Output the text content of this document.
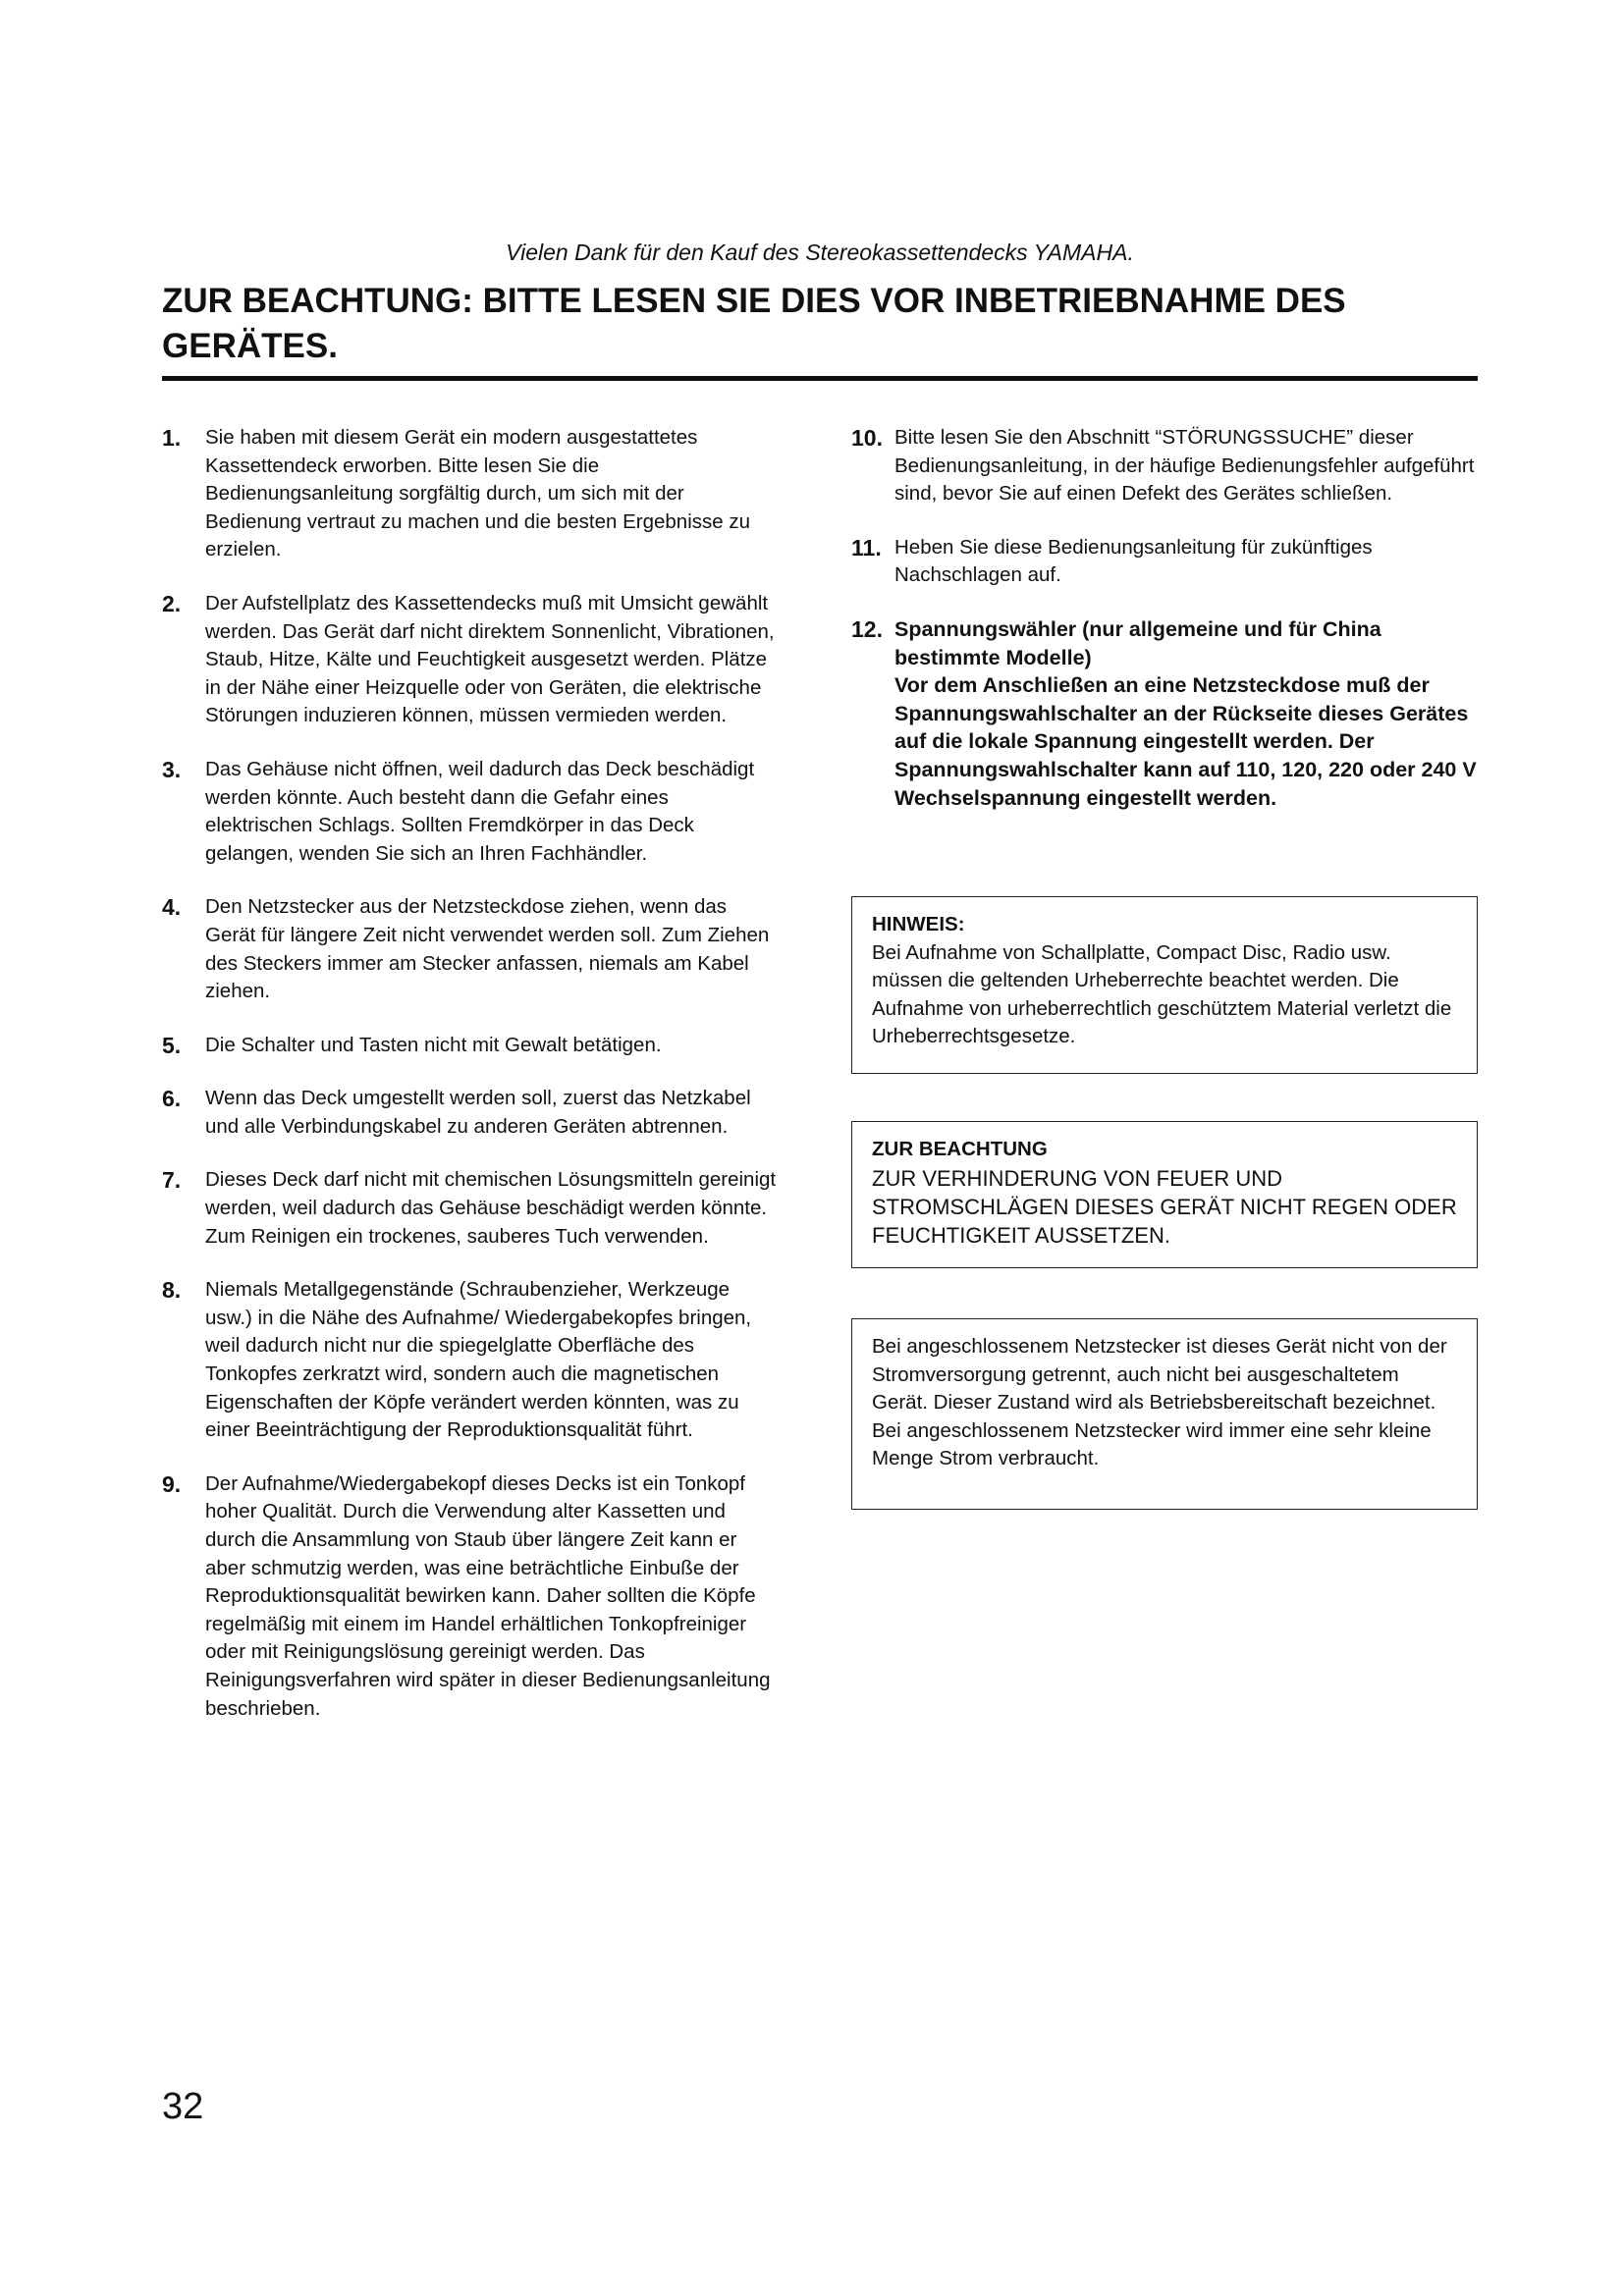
Vielen Dank für den Kauf des Stereokassettendecks YAMAHA.
ZUR BEACHTUNG: BITTE LESEN SIE DIES VOR INBETRIEBNAHME DES GERÄTES.
1. Sie haben mit diesem Gerät ein modern ausgestattetes Kassettendeck erworben. Bitte lesen Sie die Bedienungsanleitung sorgfältig durch, um sich mit der Bedienung vertraut zu machen und die besten Ergebnisse zu erzielen.
2. Der Aufstellplatz des Kassettendecks muß mit Umsicht gewählt werden. Das Gerät darf nicht direktem Sonnenlicht, Vibrationen, Staub, Hitze, Kälte und Feuchtigkeit ausgesetzt werden. Plätze in der Nähe einer Heizquelle oder von Geräten, die elektrische Störungen induzieren können, müssen vermieden werden.
3. Das Gehäuse nicht öffnen, weil dadurch das Deck beschädigt werden könnte. Auch besteht dann die Gefahr eines elektrischen Schlags. Sollten Fremdkörper in das Deck gelangen, wenden Sie sich an Ihren Fachhändler.
4. Den Netzstecker aus der Netzsteckdose ziehen, wenn das Gerät für längere Zeit nicht verwendet werden soll. Zum Ziehen des Steckers immer am Stecker anfassen, niemals am Kabel ziehen.
5. Die Schalter und Tasten nicht mit Gewalt betätigen.
6. Wenn das Deck umgestellt werden soll, zuerst das Netzkabel und alle Verbindungskabel zu anderen Geräten abtrennen.
7. Dieses Deck darf nicht mit chemischen Lösungsmitteln gereinigt werden, weil dadurch das Gehäuse beschädigt werden könnte. Zum Reinigen ein trockenes, sauberes Tuch verwenden.
8. Niemals Metallgegenstände (Schraubenzieher, Werkzeuge usw.) in die Nähe des Aufnahme/ Wiedergabekopfes bringen, weil dadurch nicht nur die spiegelglatte Oberfläche des Tonkopfes zerkratzt wird, sondern auch die magnetischen Eigenschaften der Köpfe verändert werden könnten, was zu einer Beeinträchtigung der Reproduktionsqualität führt.
9. Der Aufnahme/Wiedergabekopf dieses Decks ist ein Tonkopf hoher Qualität. Durch die Verwendung alter Kassetten und durch die Ansammlung von Staub über längere Zeit kann er aber schmutzig werden, was eine beträchtliche Einbuße der Reproduktionsqualität bewirken kann. Daher sollten die Köpfe regelmäßig mit einem im Handel erhältlichen Tonkopfreiniger oder mit Reinigungslösung gereinigt werden. Das Reinigungsverfahren wird später in dieser Bedienungsanleitung beschrieben.
10. Bitte lesen Sie den Abschnitt “STÖRUNGSSUCHE” dieser Bedienungsanleitung, in der häufige Bedienungsfehler aufgeführt sind, bevor Sie auf einen Defekt des Gerätes schließen.
11. Heben Sie diese Bedienungsanleitung für zukünftiges Nachschlagen auf.
12. Spannungswähler (nur allgemeine und für China bestimmte Modelle)
Vor dem Anschließen an eine Netzsteckdose muß der Spannungswahlschalter an der Rückseite dieses Gerätes auf die lokale Spannung eingestellt werden. Der Spannungswahlschalter kann auf 110, 120, 220 oder 240 V Wechselspannung eingestellt werden.
HINWEIS:
Bei Aufnahme von Schallplatte, Compact Disc, Radio usw. müssen die geltenden Urheberrechte beachtet werden. Die Aufnahme von urheberrechtlich geschütztem Material verletzt die Urheberrechtsgesetze.
ZUR BEACHTUNG
ZUR VERHINDERUNG VON FEUER UND STROMSCHLÄGEN DIESES GERÄT NICHT REGEN ODER FEUCHTIGKEIT AUSSETZEN.
Bei angeschlossenem Netzstecker ist dieses Gerät nicht von der Stromversorgung getrennt, auch nicht bei ausgeschaltetem Gerät. Dieser Zustand wird als Betriebsbereitschaft bezeichnet.
Bei angeschlossenem Netzstecker wird immer eine sehr kleine Menge Strom verbraucht.
32
